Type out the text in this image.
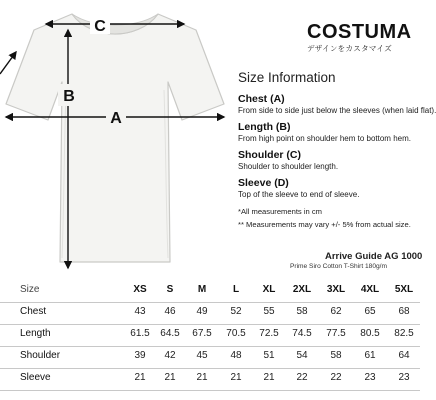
C
B
A
COSTUMA
デザインをカスタマイズ
Size Information
Chest (A)
From side to side just below the sleeves (when laid flat).
Length (B)
From high point on shoulder hem to bottom hem.
Shoulder (C)
Shoulder to shoulder length.
Sleeve (D)
Top of the sleeve to end of sleeve.
*All measurements in cm
** Measurements may vary +/- 5% from actual size.
Arrive Guide AG 1000
Prime Siro Cotton T-Shirt 180g/m
Size	XS	S	M	L	XL	2XL	3XL	4XL	5XL
Chest	43	46	49	52	55	58	62	65	68
Length	61.5	64.5	67.5	70.5	72.5	74.5	77.5	80.5	82.5
Shoulder	39	42	45	48	51	54	58	61	64
Sleeve	21	21	21	21	21	22	22	23	23
